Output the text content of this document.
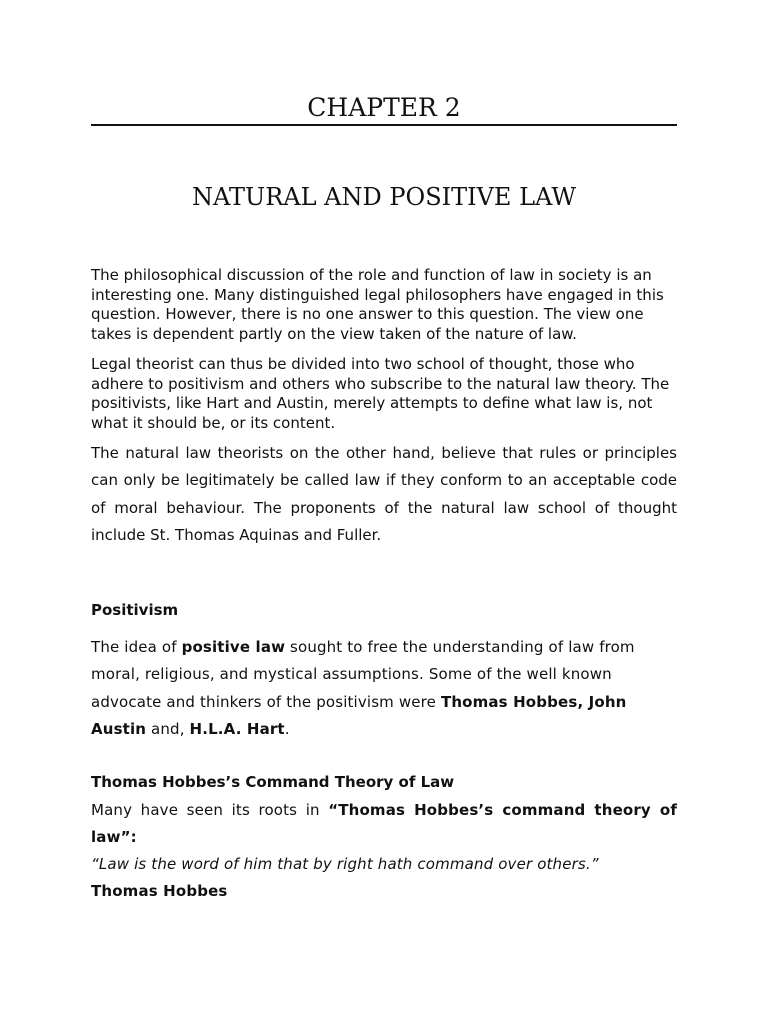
CHAPTER 2
NATURAL AND POSITIVE LAW

The philosophical discussion of the role and function of law in society is an interesting one. Many distinguished legal philosophers have engaged in this question. However, there is no one answer to this question. The view one takes is dependent partly on the view taken of the nature of law.

Legal theorist can thus be divided into two school of thought, those who adhere to positivism and others who subscribe to the natural law theory. The positivists, like Hart and Austin, merely attempts to define what law is, not what it should be, or its content.

The natural law theorists on the other hand, believe that rules or principles can only be legitimately be called law if they conform to an acceptable code of moral behaviour. The proponents of the natural law school of thought include St. Thomas Aquinas and Fuller.

Positivism

The idea of positive law sought to free the understanding of law from moral, religious, and mystical assumptions. Some of the well known advocate and thinkers of the positivism were Thomas Hobbes, John Austin and, H.L.A. Hart.

Thomas Hobbes’s Command Theory of Law

Many have seen its roots in “Thomas Hobbes’s command theory of law”:

“Law is the word of him that by right hath command over others.”

Thomas Hobbes
